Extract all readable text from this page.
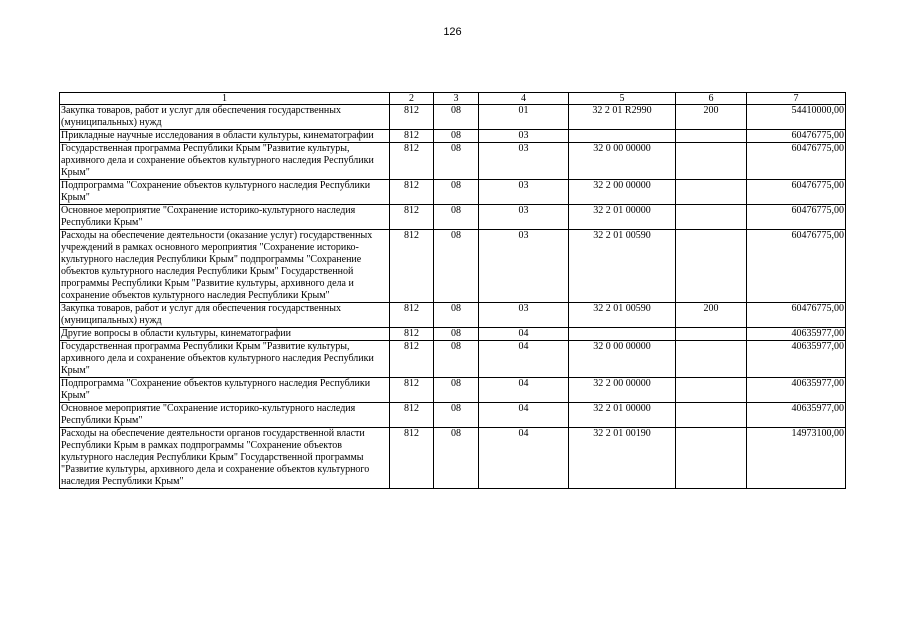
126
1	2	3	4	5	6	7
Закупка товаров, работ и услуг для обеспечения государственных (муниципальных) нужд	812	08	01	32 2 01 R2990	200	54410000,00
Прикладные научные исследования в области культуры, кинематографии	812	08	03			60476775,00
Государственная программа Республики Крым "Развитие культуры, архивного дела и сохранение объектов культурного наследия Республики Крым"	812	08	03	32 0 00 00000		60476775,00
Подпрограмма "Сохранение объектов культурного наследия Республики Крым"	812	08	03	32 2 00 00000		60476775,00
Основное мероприятие "Сохранение историко-культурного наследия Республики Крым"	812	08	03	32 2 01 00000		60476775,00
Расходы на обеспечение деятельности (оказание услуг) государственных учреждений в рамках основного мероприятия "Сохранение историко-культурного наследия Республики Крым" подпрограммы "Сохранение объектов культурного наследия Республики Крым" Государственной программы Республики Крым "Развитие культуры, архивного дела и сохранение объектов культурного наследия Республики Крым"	812	08	03	32 2 01 00590		60476775,00
Закупка товаров, работ и услуг для обеспечения государственных (муниципальных) нужд	812	08	03	32 2 01 00590	200	60476775,00
Другие вопросы в области культуры, кинематографии	812	08	04			40635977,00
Государственная программа Республики Крым "Развитие культуры, архивного дела и сохранение объектов культурного наследия Республики Крым"	812	08	04	32 0 00 00000		40635977,00
Подпрограмма "Сохранение объектов культурного наследия Республики Крым"	812	08	04	32 2 00 00000		40635977,00
Основное мероприятие "Сохранение историко-культурного наследия Республики Крым"	812	08	04	32 2 01 00000		40635977,00
Расходы на обеспечение деятельности органов государственной власти Республики Крым в рамках подпрограммы "Сохранение объектов культурного наследия Республики Крым" Государственной программы "Развитие культуры, архивного дела и сохранение объектов культурного наследия Республики Крым"	812	08	04	32 2 01 00190		14973100,00
